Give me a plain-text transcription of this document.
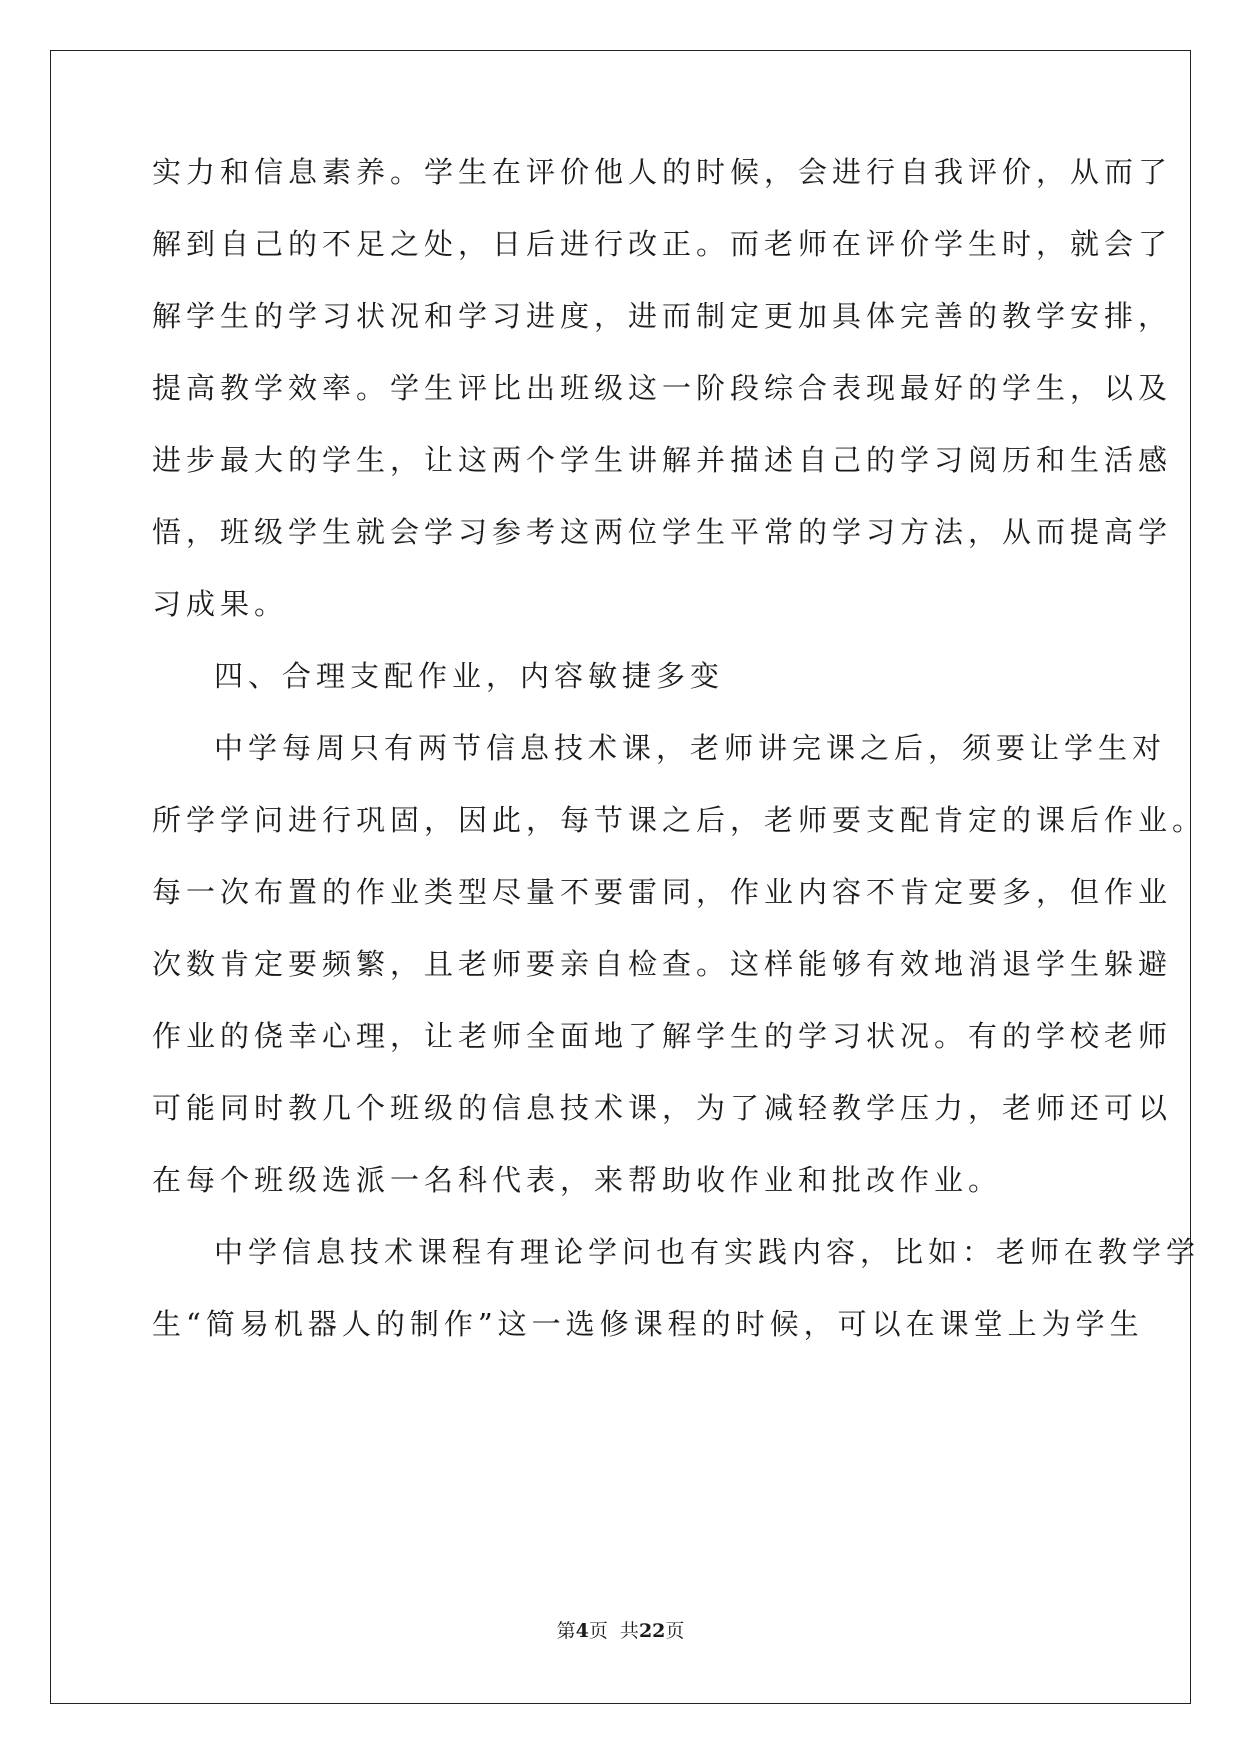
实力和信息素养。学生在评价他人的时候，会进行自我评价，从而了
解到自己的不足之处，日后进行改正。而老师在评价学生时，就会了
解学生的学习状况和学习进度，进而制定更加具体完善的教学安排，
提高教学效率。学生评比出班级这一阶段综合表现最好的学生，以及
进步最大的学生，让这两个学生讲解并描述自己的学习阅历和生活感
悟，班级学生就会学习参考这两位学生平常的学习方法，从而提高学
习成果。
四、合理支配作业，内容敏捷多变
中学每周只有两节信息技术课，老师讲完课之后，须要让学生对
所学学问进行巩固，因此，每节课之后，老师要支配肯定的课后作业。
每一次布置的作业类型尽量不要雷同，作业内容不肯定要多，但作业
次数肯定要频繁，且老师要亲自检查。这样能够有效地消退学生躲避
作业的侥幸心理，让老师全面地了解学生的学习状况。有的学校老师
可能同时教几个班级的信息技术课，为了减轻教学压力，老师还可以
在每个班级选派一名科代表，来帮助收作业和批改作业。
中学信息技术课程有理论学问也有实践内容，比如：老师在教学学
生“简易机器人的制作”这一选修课程的时候，可以在课堂上为学生
第4页  共22页
